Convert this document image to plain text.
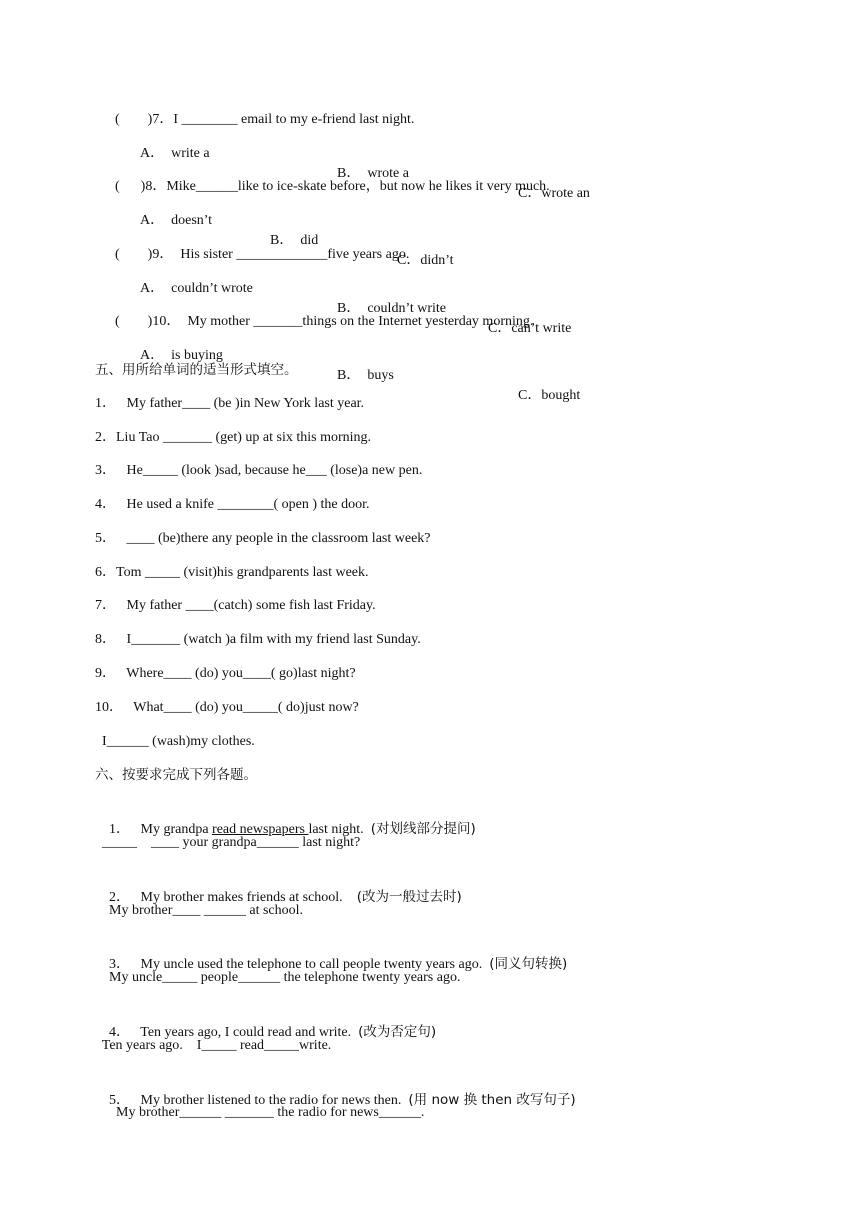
(        )7．I ________ email to my e-friend last night.

A．  write a

B．  wrote a

C．wrote an

(      )8．Mike______like to ice-skate before，but now he likes it very much.

A．  doesn’t

B．  did

C．didn’t

(        )9．  His sister _____________five years ago.

A．  couldn’t wrote

B．  couldn’t write

C．can’t write

(        )10．  My mother _______things on the Internet yesterday morning.

A．  is buying

B．  buys

C．bought

五、用所给单词的适当形式填空。
1．   My father____ (be )in New York last year.
2．Liu Tao _______ (get) up at six this morning.
3．   He_____ (look )sad, because he___ (lose)a new pen.
4．   He used a knife ________( open ) the door.
5．   ____ (be)there any people in the classroom last week?
6．Tom _____ (visit)his grandparents last week.
7．   My father ____(catch) some fish last Friday.
8．   I_______ (watch )a film with my friend last Sunday.
9．   Where____ (do) you____( go)last night?
10．   What____ (do) you_____( do)just now?
I______ (wash)my clothes.
六、按要求完成下列各题。

1．   My grandpa read newspapers last night.  (对划线部分提问)

_____    ____ your grandpa______ last night?

2．   My brother makes friends at school.    (改为一般过去时)

My brother____ ______ at school.

3．   My uncle used the telephone to call people twenty years ago.  (同义句转换)

My uncle_____ people______ the telephone twenty years ago.

4．   Ten years ago, I could read and write.  (改为否定句)

Ten years ago.    I_____ read_____write.

5．   My brother listened to the radio for news then.  (用 now 换 then 改写句子)

My brother______ _______ the radio for news______.
